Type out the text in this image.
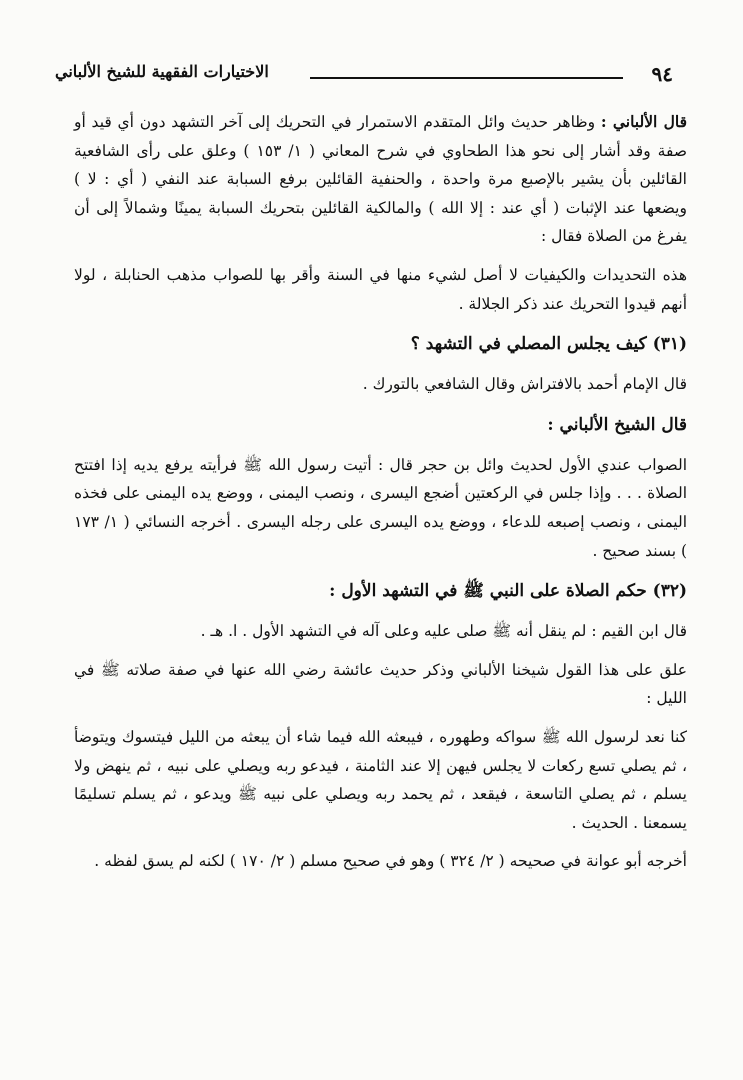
٩٤
الاختيارات الفقهية للشيخ الألباني

قال الألباني : وظاهر حديث وائل المتقدم الاستمرار في التحريك إلى آخر التشهد دون أي قيد أو صفة وقد أشار إلى نحو هذا الطحاوي في شرح المعاني ( ١/ ١٥٣ ) وعلق على رأى الشافعية القائلين بأن يشير بالإصبع مرة واحدة ، والحنفية القائلين برفع السبابة عند النفي ( أي : لا ) ويضعها عند الإثبات ( أي عند : إلا الله ) والمالكية القائلين بتحريك السبابة يمينًا وشمالاً إلى أن يفرغ من الصلاة فقال :

هذه التحديدات والكيفيات لا أصل لشيء منها في السنة وأقر بها للصواب مذهب الحنابلة ، لولا أنهم قيدوا التحريك عند ذكر الجلالة .

(٣١) كيف يجلس المصلي في التشهد ؟

قال الإمام أحمد بالافتراش وقال الشافعي بالتورك .

قال الشيخ الألباني :

الصواب عندي الأول لحديث وائل بن حجر قال : أتيت رسول الله ﷺ فرأيته يرفع يديه إذا افتتح الصلاة . . . وإذا جلس في الركعتين أضجع اليسرى ، ونصب اليمنى ، ووضع يده اليمنى على فخذه اليمنى ، ونصب إصبعه للدعاء ، ووضع يده اليسرى على رجله اليسرى . أخرجه النسائي ( ١/ ١٧٣ ) بسند صحيح .

(٣٢) حكم الصلاة على النبي ﷺ في التشهد الأول :

قال ابن القيم : لم ينقل أنه ﷺ صلى عليه وعلى آله في التشهد الأول . ا. هـ .

علق على هذا القول شيخنا الألباني وذكر حديث عائشة رضي الله عنها في صفة صلاته ﷺ في الليل :

كنا نعد لرسول الله ﷺ سواكه وطهوره ، فيبعثه الله فيما شاء أن يبعثه من الليل فيتسوك ويتوضأ ، ثم يصلي تسع ركعات لا يجلس فيهن إلا عند الثامنة ، فيدعو ربه ويصلي على نبيه ، ثم ينهض ولا يسلم ، ثم يصلي التاسعة ، فيقعد ، ثم يحمد ربه ويصلي على نبيه ﷺ ويدعو ، ثم يسلم تسليمًا يسمعنا . الحديث .

أخرجه أبو عوانة في صحيحه ( ٢/ ٣٢٤ ) وهو في صحيح مسلم ( ٢/ ١٧٠ ) لكنه لم يسق لفظه .
